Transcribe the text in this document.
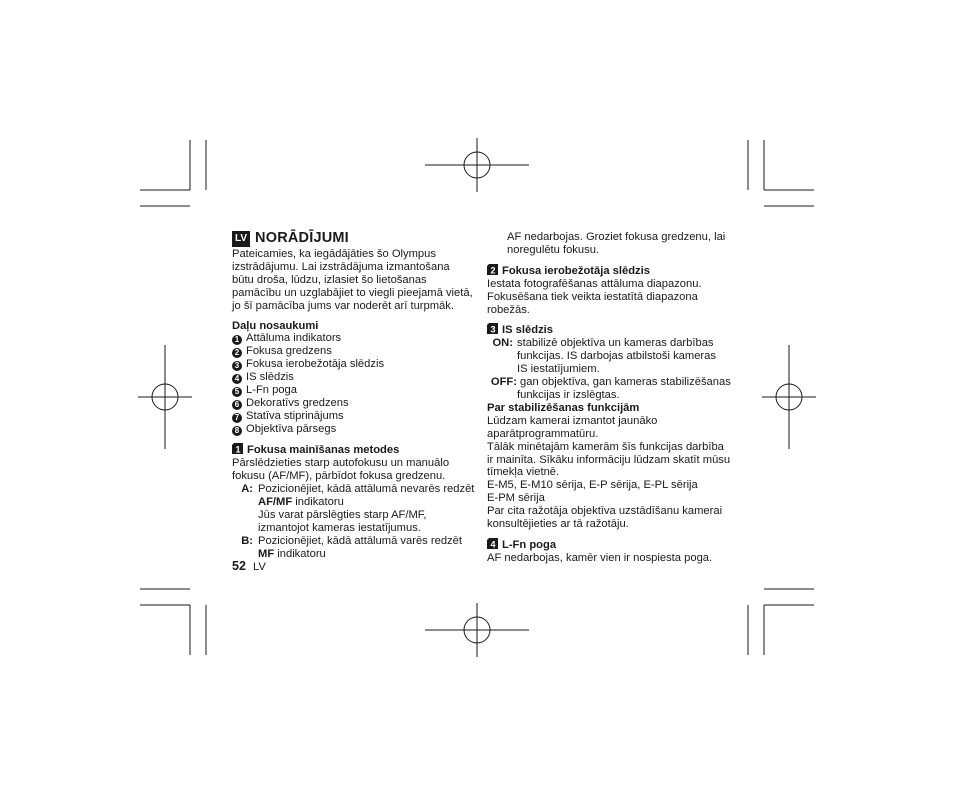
LV NORĀDĪJUMI

Pateicamies, ka iegādājāties šo Olympus

izstrādājumu. Lai izstrādājuma izmantošana

būtu droša, lūdzu, izlasiet šo lietošanas

pamācību un uzglabājiet to viegli pieejamā vietā,

jo šī pamācība jums var noderēt arī turpmāk.

Daļu nosaukumi

1 Attāluma indikators

2 Fokusa gredzens

3 Fokusa ierobežotāja slēdzis

4 IS slēdzis

5 L-Fn poga

6 Dekoratīvs gredzens

7 Statīva stiprinājums

8 Objektīva pārsegs

1 Fokusa mainīšanas metodes

Pārslēdzieties starp autofokusu un manuālo

fokusu (AF/MF), pārbīdot fokusa gredzenu.

A: Pozicionējiet, kādā attālumā nevarēs redzēt
AF/MF indikatoru
Jūs varat pārslēgties starp AF/MF,
izmantojot kameras iestatījumus.
B: Pozicionējiet, kādā attālumā varēs redzēt
MF indikatoru

AF nedarbojas. Groziet fokusa gredzenu, lai

noregulētu fokusu.

2 Fokusa ierobežotāja slēdzis

Iestata fotografēšanas attāluma diapazonu.

Fokusēšana tiek veikta iestatītā diapazona

robežās.

3 IS slēdzis

ON: stabilizē objektīva un kameras darbības
funkcijas. IS darbojas atbilstoši kameras
IS iestatījumiem.
OFF: gan objektīva, gan kameras stabilizēšanas
funkcijas ir izslēgtas.

Par stabilizēšanas funkcijām

Lūdzam kamerai izmantot jaunāko

aparātprogrammatūru.

Tālāk minētajām kamerām šīs funkcijas darbība

ir mainīta. Sīkāku informāciju lūdzam skatīt mūsu

tīmekļa vietnē.

E-M5, E-M10 sērija, E-P sērija, E-PL sērija

E-PM sērija

Par cita ražotāja objektīva uzstādīšanu kamerai

konsultējieties ar tā ražotāju.

4 L-Fn poga

AF nedarbojas, kamēr vien ir nospiesta poga.

52 LV
